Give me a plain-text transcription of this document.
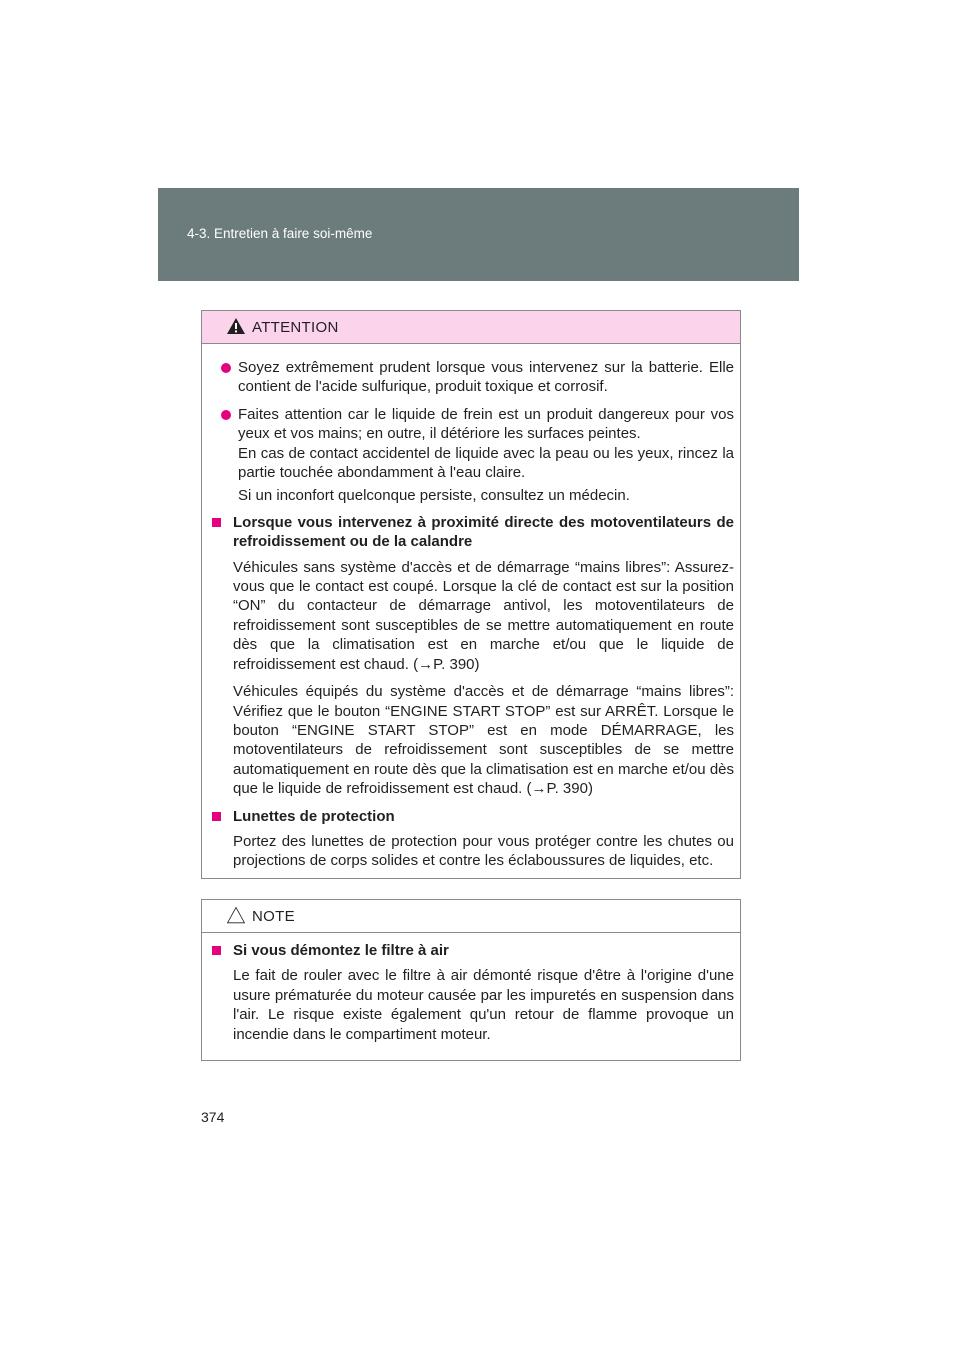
4-3. Entretien à faire soi-même
ATTENTION
Soyez extrêmement prudent lorsque vous intervenez sur la batterie. Elle contient de l'acide sulfurique, produit toxique et corrosif.
Faites attention car le liquide de frein est un produit dangereux pour vos yeux et vos mains; en outre, il détériore les surfaces peintes.
En cas de contact accidentel de liquide avec la peau ou les yeux, rincez la partie touchée abondamment à l'eau claire.
Si un inconfort quelconque persiste, consultez un médecin.
Lorsque vous intervenez à proximité directe des motoventilateurs de refroidissement ou de la calandre
Véhicules sans système d'accès et de démarrage “mains libres”: Assurez-vous que le contact est coupé. Lorsque la clé de contact est sur la position “ON” du contacteur de démarrage antivol, les motoventilateurs de refroidissement sont susceptibles de se mettre automatiquement en route dès que la climatisation est en marche et/ou que le liquide de refroidissement est chaud. (→P. 390)
Véhicules équipés du système d'accès et de démarrage “mains libres”: Vérifiez que le bouton “ENGINE START STOP” est sur ARRÊT. Lorsque le bouton “ENGINE START STOP” est en mode DÉMARRAGE, les motoventilateurs de refroidissement sont susceptibles de se mettre automatiquement en route dès que la climatisation est en marche et/ou dès que le liquide de refroidissement est chaud. (→P. 390)
Lunettes de protection
Portez des lunettes de protection pour vous protéger contre les chutes ou projections de corps solides et contre les éclaboussures de liquides, etc.
NOTE
Si vous démontez le filtre à air
Le fait de rouler avec le filtre à air démonté risque d'être à l'origine d'une usure prématurée du moteur causée par les impuretés en suspension dans l'air. Le risque existe également qu'un retour de flamme provoque un incendie dans le compartiment moteur.
374
